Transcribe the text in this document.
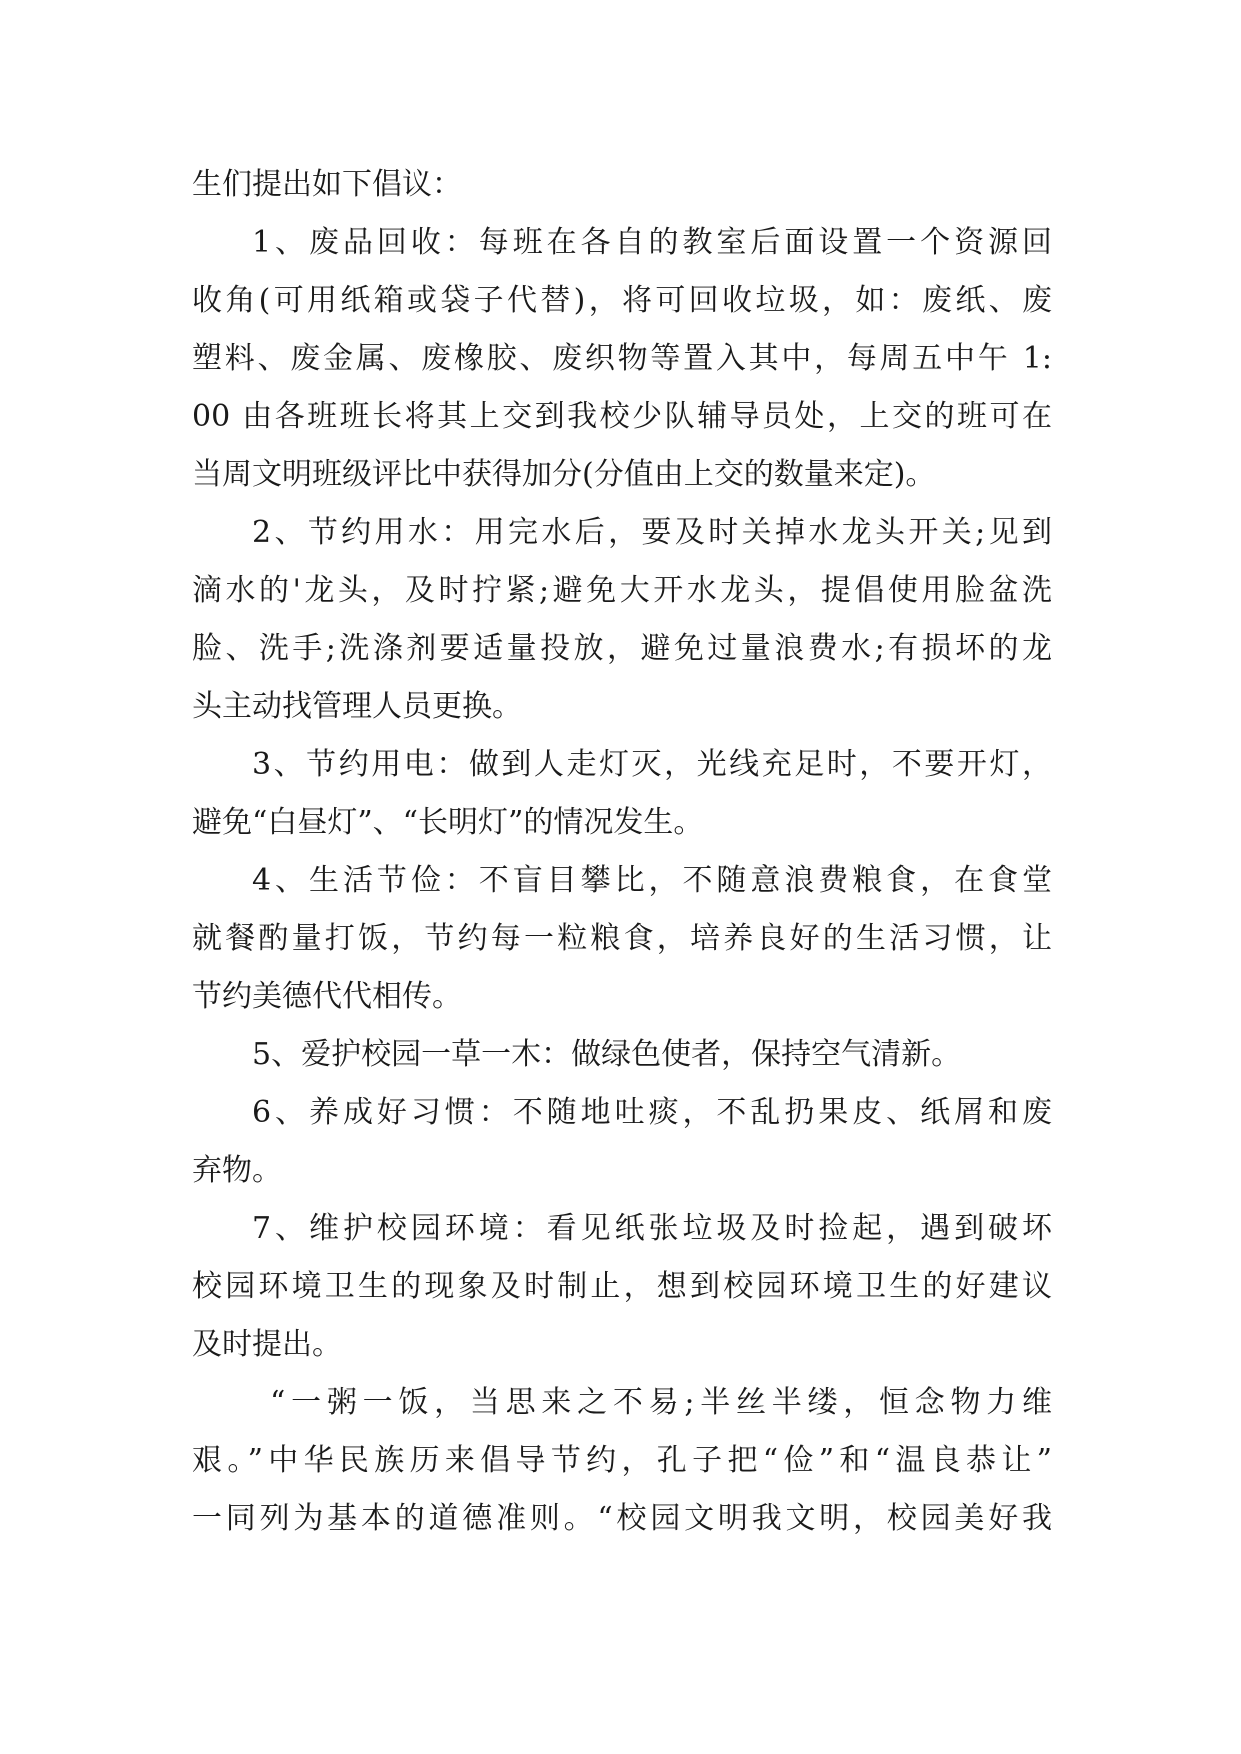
生们提出如下倡议：
1、废品回收：每班在各自的教室后面设置一个资源回
收角(可用纸箱或袋子代替)，将可回收垃圾，如：废纸、废
塑料、废金属、废橡胶、废织物等置入其中，每周五中午 1:
00 由各班班长将其上交到我校少队辅导员处，上交的班可在
当周文明班级评比中获得加分(分值由上交的数量来定)。
2、节约用水：用完水后，要及时关掉水龙头开关;见到
滴水的'龙头，及时拧紧;避免大开水龙头，提倡使用脸盆洗
脸、洗手;洗涤剂要适量投放，避免过量浪费水;有损坏的龙
头主动找管理人员更换。
3、节约用电：做到人走灯灭，光线充足时，不要开灯，
避免“白昼灯”、“长明灯”的情况发生。
4、生活节俭：不盲目攀比，不随意浪费粮食，在食堂
就餐酌量打饭，节约每一粒粮食，培养良好的生活习惯，让
节约美德代代相传。
5、爱护校园一草一木：做绿色使者，保持空气清新。
6、养成好习惯：不随地吐痰，不乱扔果皮、纸屑和废
弃物。
7、维护校园环境：看见纸张垃圾及时捡起，遇到破坏
校园环境卫生的现象及时制止，想到校园环境卫生的好建议
及时提出。
“一粥一饭，当思来之不易;半丝半缕，恒念物力维
艰。”中华民族历来倡导节约，孔子把“俭”和“温良恭让”
一同列为基本的道德准则。“校园文明我文明，校园美好我
